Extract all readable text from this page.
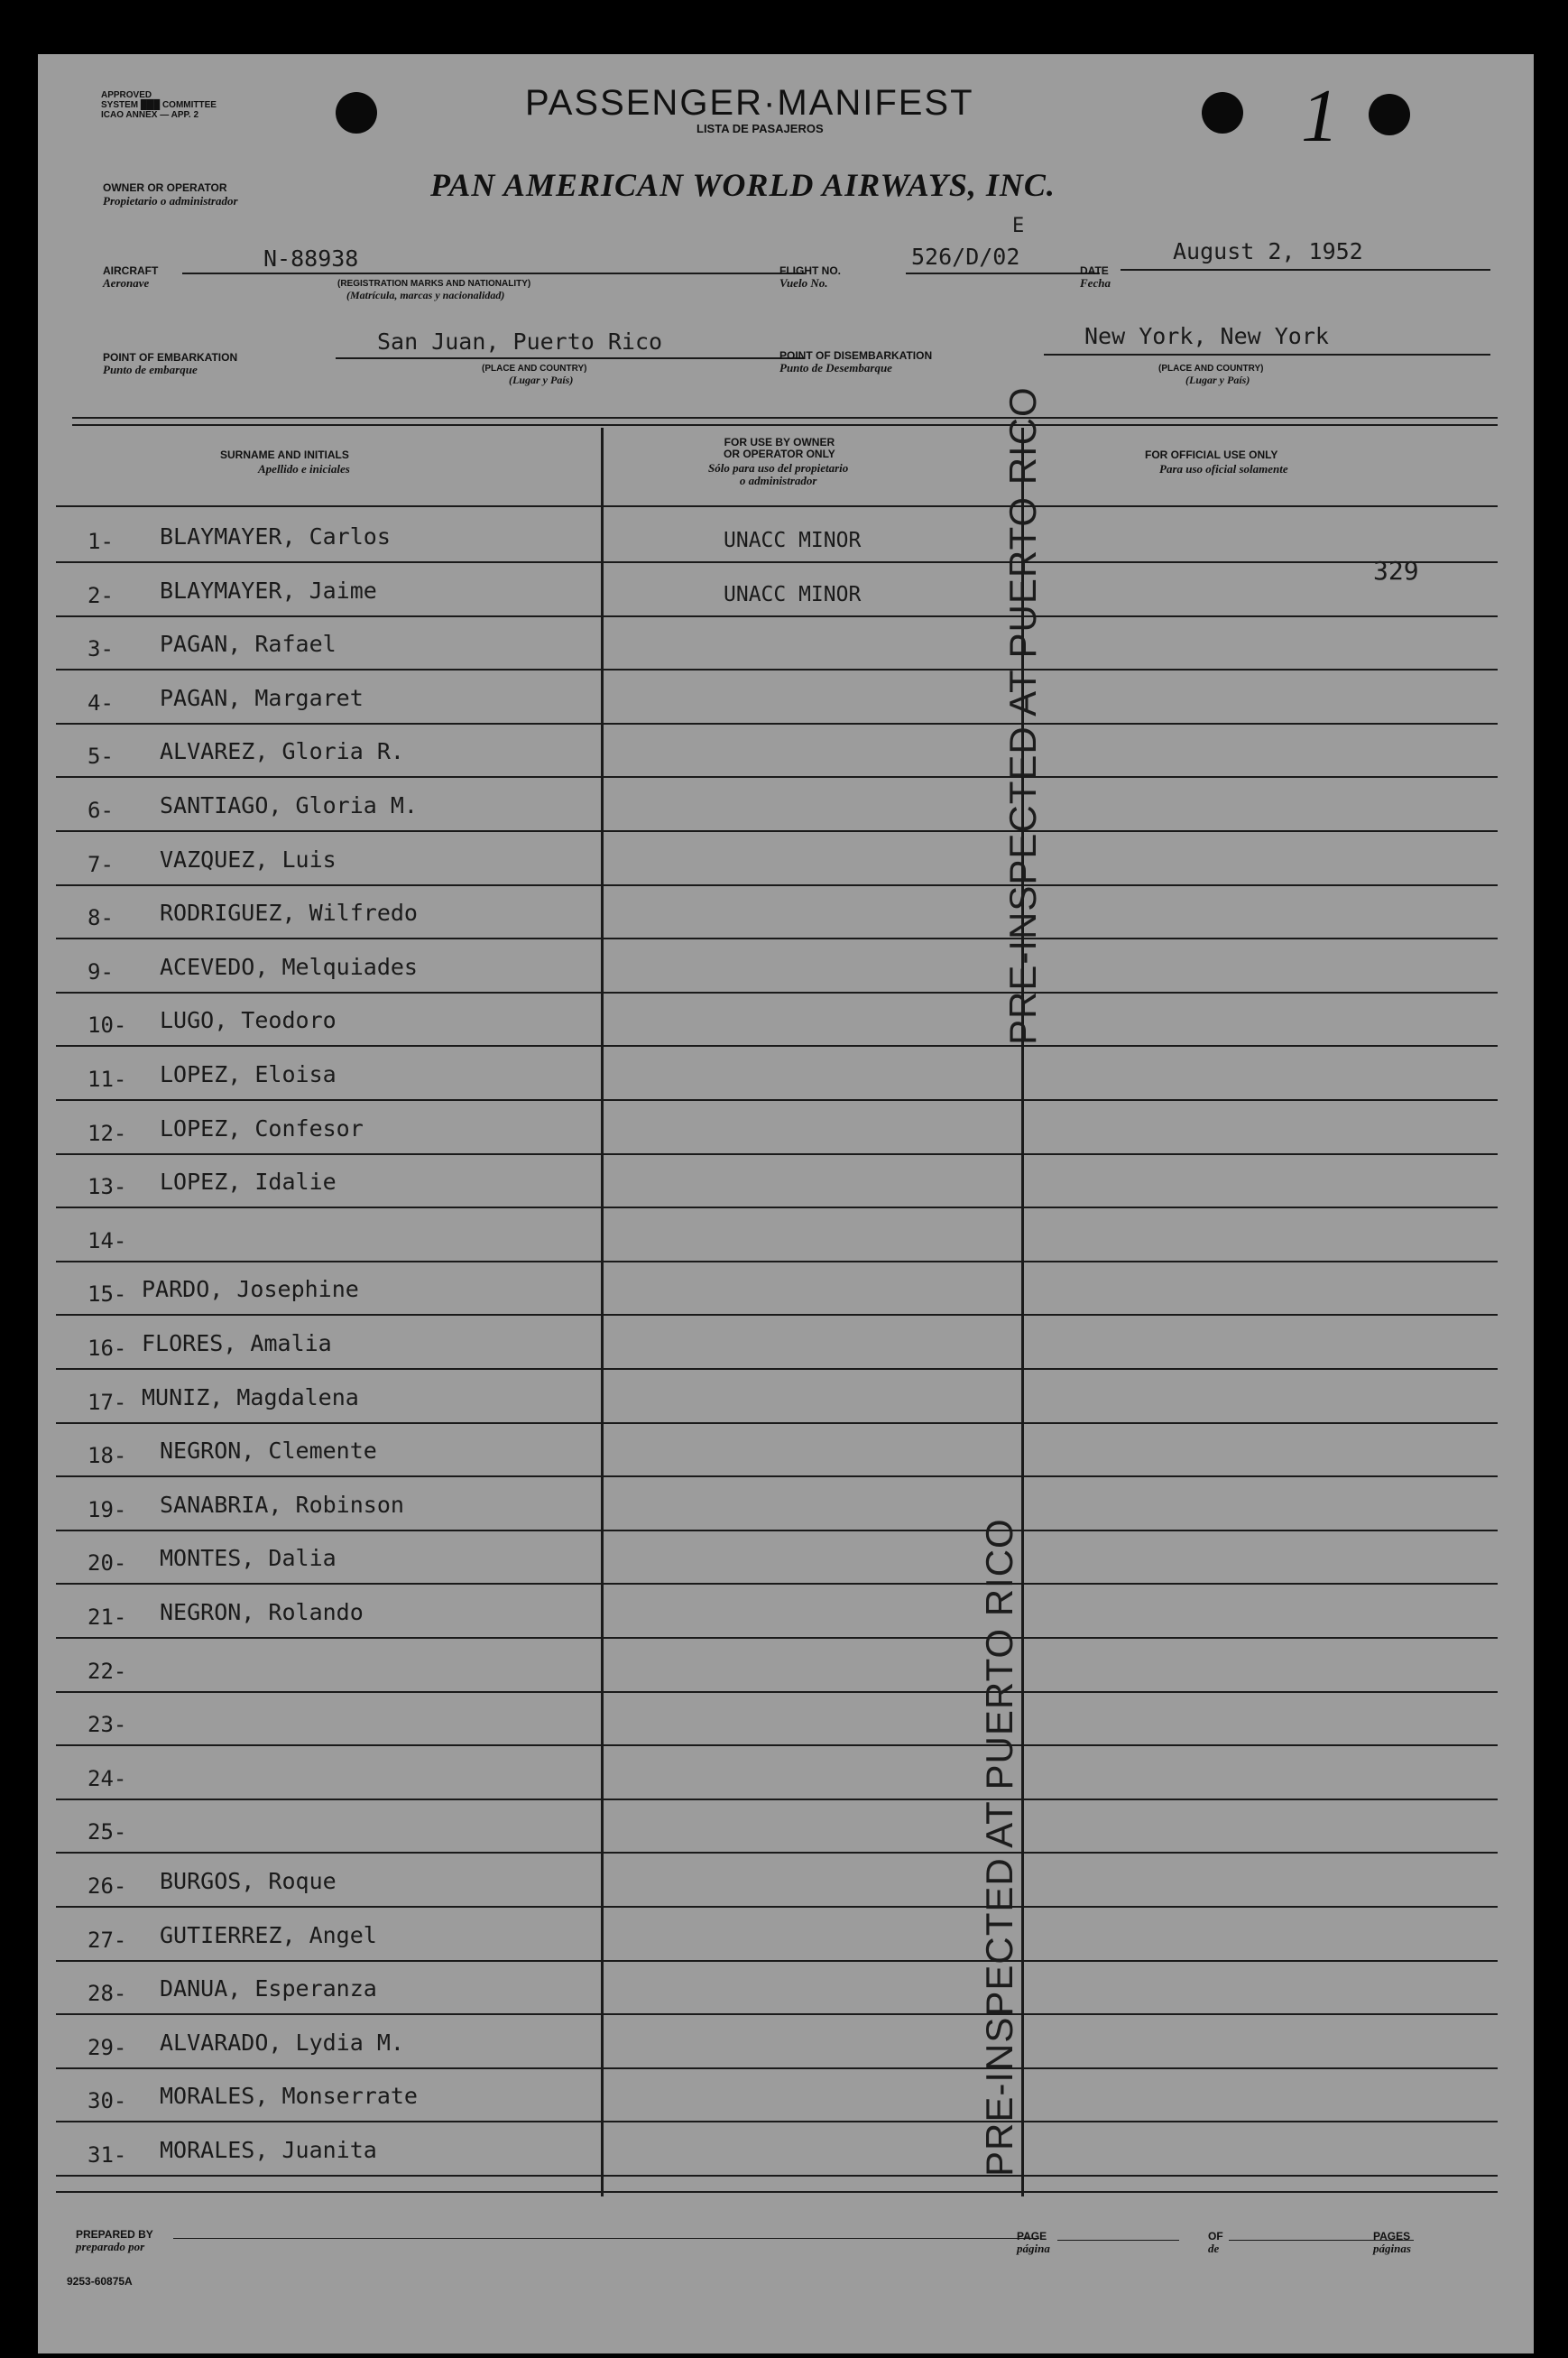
APPROVED
SYSTEM ███ COMMITTEE
ICAO ANNEX — APP. 2	PASSENGER·MANIFEST
LISTA DE PASAJEROS	1
OWNER OR OPERATOR
Propietario o administrador	PAN AMERICAN WORLD AIRWAYS, INC.
AIRCRAFT
Aeronave
N-88938
(REGISTRATION MARKS AND NATIONALITY)
(Matrícula, marcas y nacionalidad)
FLIGHT NO.
Vuelo No.
E
526/D/02
DATE
Fecha
August 2, 1952
POINT OF EMBARKATION
Punto de embarque
San Juan, Puerto Rico
(PLACE AND COUNTRY)
(Lugar y País)
POINT OF DISEMBARKATION
Punto de Desembarque
New York, New York
(PLACE AND COUNTRY)
(Lugar y País)
SURNAME AND INITIALS
Apellido e iniciales
FOR USE BY OWNER
OR OPERATOR ONLY
Sólo para uso del propietario
o administrador
FOR OFFICIAL USE ONLY
Para uso oficial solamente
1- BLAYMAYER, Carlos	UNACC MINOR
2- BLAYMAYER, Jaime	UNACC MINOR
3- PAGAN, Rafael
4- PAGAN, Margaret
5- ALVAREZ, Gloria R.
6- SANTIAGO, Gloria M.
7- VAZQUEZ, Luis
8- RODRIGUEZ, Wilfredo
9- ACEVEDO, Melquiades
10- LUGO, Teodoro
11- LOPEZ, Eloisa
12- LOPEZ, Confesor
13- LOPEZ, Idalie
14-
15- PARDO, Josephine
16- FLORES, Amalia
17- MUNIZ, Magdalena
18- NEGRON, Clemente
19- SANABRIA, Robinson
20- MONTES, Dalia
21- NEGRON, Rolando
22-
23-
24-
25-
26- BURGOS, Roque
27- GUTIERREZ, Angel
28- DANUA, Esperanza
29- ALVARADO, Lydia M.
30- MORALES, Monserrate
31- MORALES, Juanita
329
PRE-INSPECTED AT PUERTO RICO
PRE-INSPECTED AT PUERTO RICO
PREPARED BY
preparado por
PAGE
página
OF
de
PAGES
páginas
9253-60875A
